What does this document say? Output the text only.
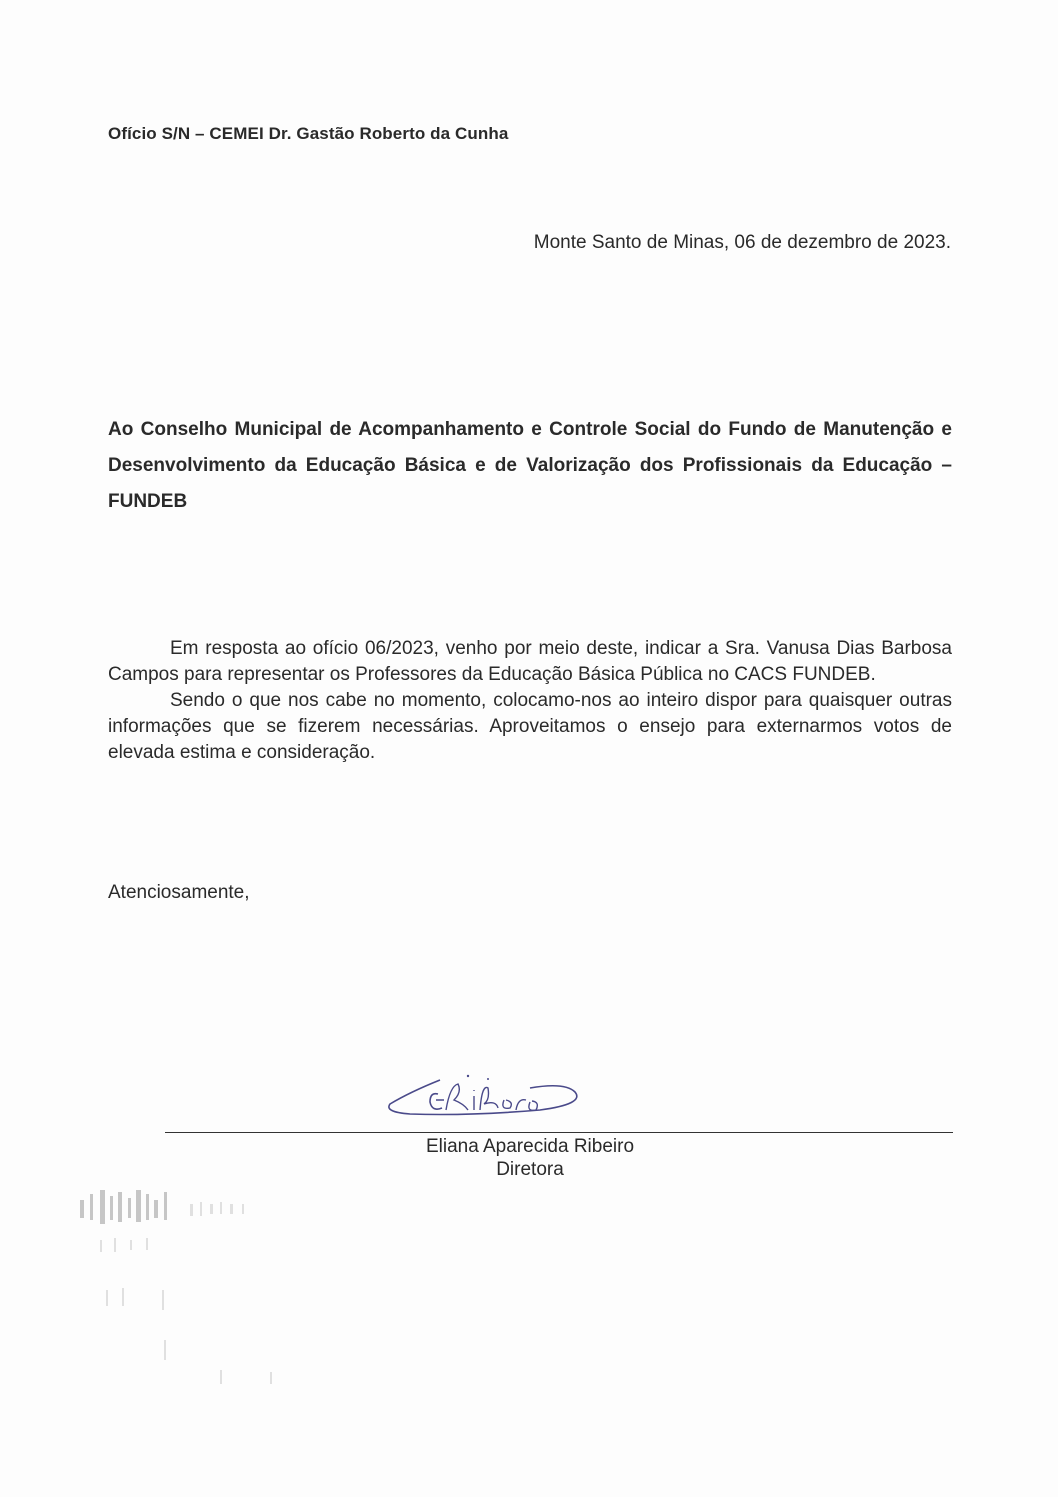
Ofício S/N – CEMEI Dr. Gastão Roberto da Cunha
Monte Santo de Minas, 06 de dezembro de 2023.
Ao Conselho Municipal de Acompanhamento e Controle Social do Fundo de Manutenção e Desenvolvimento da Educação Básica e de Valorização dos Profissionais da Educação – FUNDEB

Em resposta ao ofício 06/2023, venho por meio deste, indicar a Sra. Vanusa Dias Barbosa Campos para representar os Professores da Educação Básica Pública no CACS FUNDEB.

Sendo o que nos cabe no momento, colocamo-nos ao inteiro dispor para quaisquer outras informações que se fizerem necessárias. Aproveitamos o ensejo para externarmos votos de elevada estima e consideração.

Atenciosamente,
Eliana Aparecida Ribeiro
Diretora
